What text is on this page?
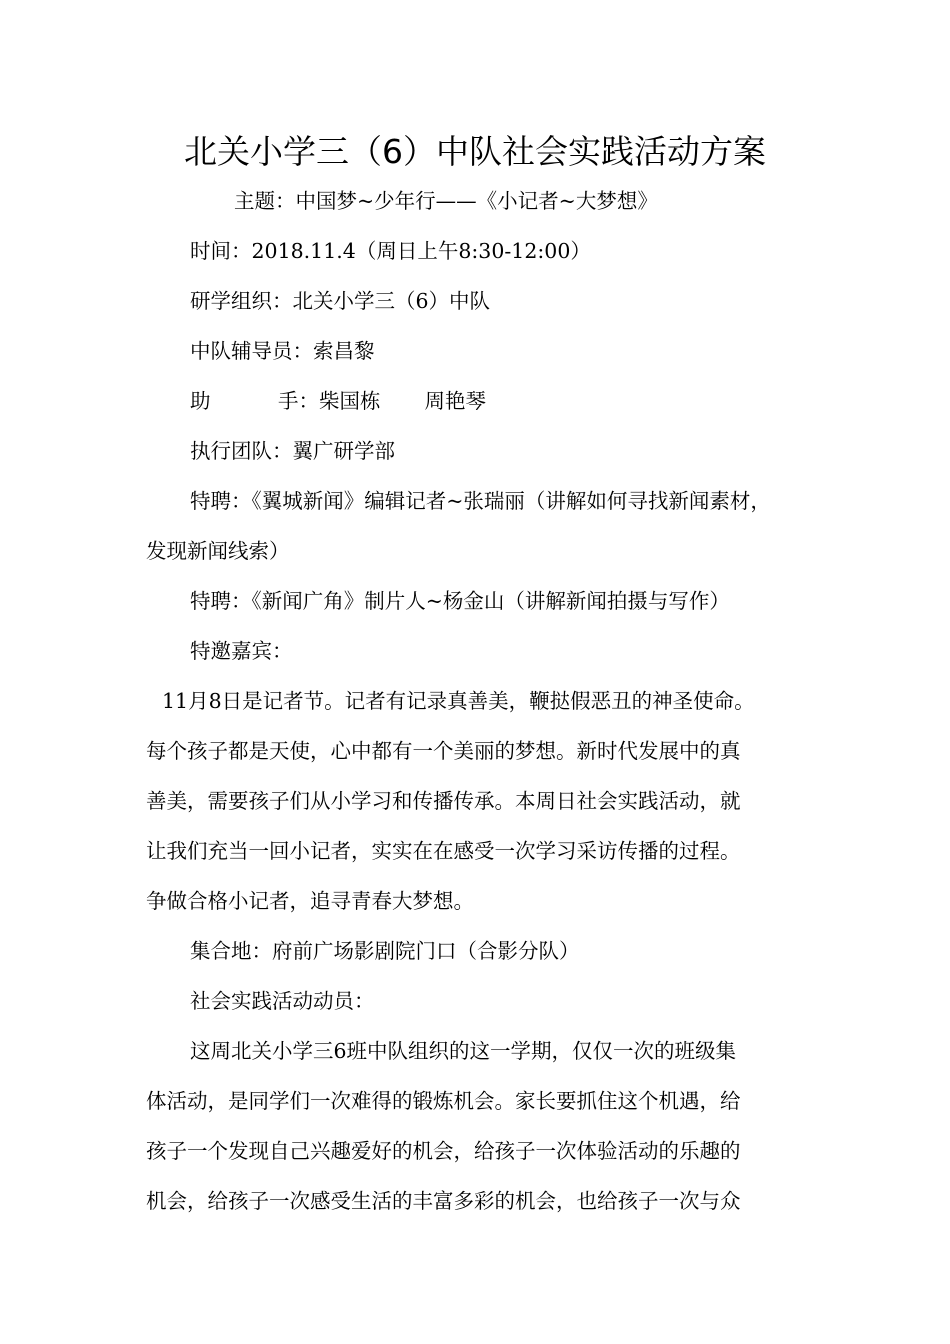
北关小学三（6）中队社会实践活动方案
主题：中国梦~少年行——《小记者~大梦想》
时间：2018.11.4（周日上午8:30-12:00）
研学组织：北关小学三（6）中队
中队辅导员：索昌黎
助	手：柴国栋 周艳琴
执行团队：翼广研学部
特聘：《翼城新闻》编辑记者~张瑞丽（讲解如何寻找新闻素材，
发现新闻线索）
特聘：《新闻广角》制片人~杨金山（讲解新闻拍摄与写作）
特邀嘉宾：
11月8日是记者节。记者有记录真善美，鞭挞假恶丑的神圣使命。
每个孩子都是天使，心中都有一个美丽的梦想。新时代发展中的真
善美，需要孩子们从小学习和传播传承。本周日社会实践活动，就
让我们充当一回小记者，实实在在感受一次学习采访传播的过程。
争做合格小记者，追寻青春大梦想。
集合地：府前广场影剧院门口（合影分队）
社会实践活动动员：
这周北关小学三6班中队组织的这一学期，仅仅一次的班级集
体活动，是同学们一次难得的锻炼机会。家长要抓住这个机遇，给
孩子一个发现自己兴趣爱好的机会，给孩子一次体验活动的乐趣的
机会，给孩子一次感受生活的丰富多彩的机会，也给孩子一次与众
